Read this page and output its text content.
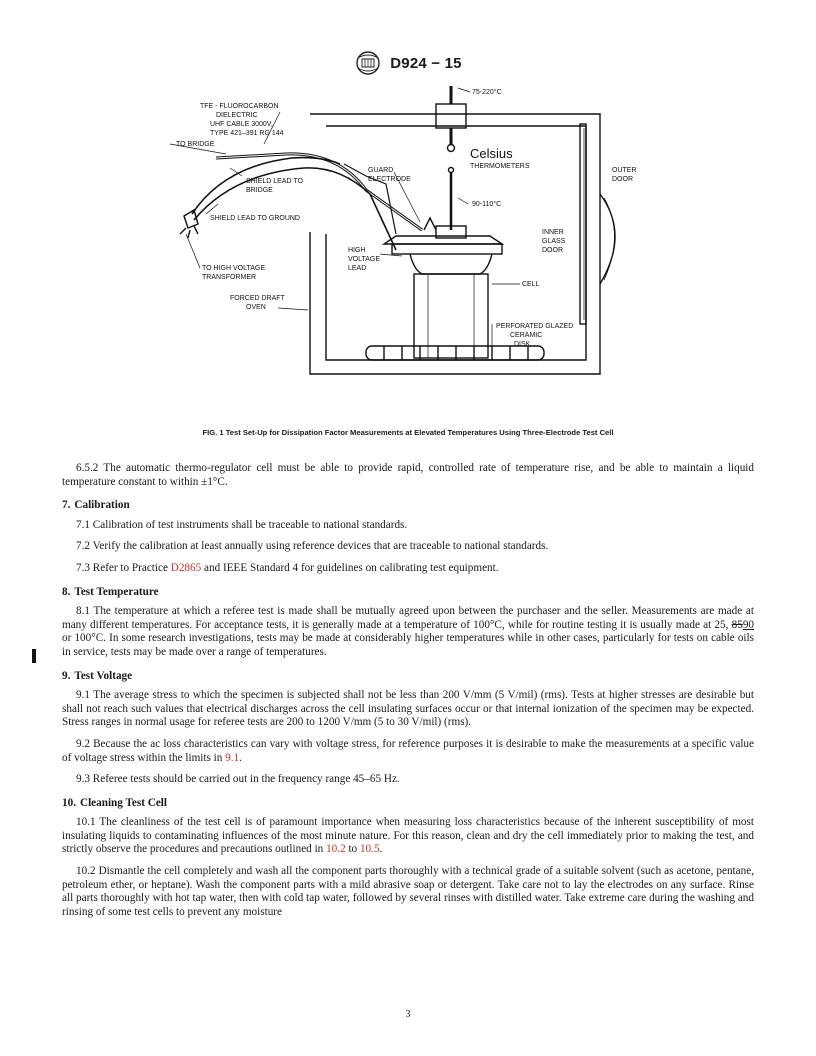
D924 − 15
75-220°C
TFE - FLUOROCARBON
DIELECTRIC
UHF CABLE 3000V,
TYPE 421–391 RG 144
TO BRIDGE
Celsius
THERMOMETERS
GUARD
ELECTRODE
SHIELD LEAD TO
BRIDGE
90-110°C
OUTER
DOOR
SHIELD LEAD TO GROUND
INNER
GLASS
DOOR
HIGH
VOLTAGE
LEAD
TO HIGH VOLTAGE
TRANSFORMER
CELL
FORCED DRAFT
OVEN
PERFORATED GLAZED
CERAMIC
DISK
FIG. 1 Test Set-Up for Dissipation Factor Measurements at Elevated Temperatures Using Three-Electrode Test Cell

6.5.2 The automatic thermo-regulator cell must be able to provide rapid, controlled rate of temperature rise, and be able to maintain a liquid temperature constant to within ±1°C.

7. Calibration

7.1 Calibration of test instruments shall be traceable to national standards.

7.2 Verify the calibration at least annually using reference devices that are traceable to national standards.

7.3 Refer to Practice D2865 and IEEE Standard 4 for guidelines on calibrating test equipment.

8. Test Temperature

8.1 The temperature at which a referee test is made shall be mutually agreed upon between the purchaser and the seller. Measurements are made at many different temperatures. For acceptance tests, it is generally made at a temperature of 100°C, while for routine testing it is usually made at 25, 8590 or 100°C. In some research investigations, tests may be made at considerably higher temperatures while in other cases, particularly for tests on cable oils in service, tests may be made over a range of temperatures.

9. Test Voltage

9.1 The average stress to which the specimen is subjected shall not be less than 200 V/mm (5 V/mil) (rms). Tests at higher stresses are desirable but shall not reach such values that electrical discharges across the cell insulating surfaces occur or that internal ionization of the specimen may be expected. Stress ranges in normal usage for referee tests are 200 to 1200 V/mm (5 to 30 V/mil) (rms).

9.2 Because the ac loss characteristics can vary with voltage stress, for reference purposes it is desirable to make the measurements at a specific value of voltage stress within the limits in 9.1.

9.3 Referee tests should be carried out in the frequency range 45–65 Hz.

10. Cleaning Test Cell

10.1 The cleanliness of the test cell is of paramount importance when measuring loss characteristics because of the inherent susceptibility of most insulating liquids to contaminating influences of the most minute nature. For this reason, clean and dry the cell immediately prior to making the test, and strictly observe the procedures and precautions outlined in 10.2 to 10.5.

10.2 Dismantle the cell completely and wash all the component parts thoroughly with a technical grade of a suitable solvent (such as acetone, pentane, petroleum ether, or heptane). Wash the component parts with a mild abrasive soap or detergent. Take care not to lay the electrodes on any surface. Rinse all parts thoroughly with hot tap water, then with cold tap water, followed by several rinses with distilled water. Take extreme care during the washing and rinsing of some test cells to prevent any moisture

3
